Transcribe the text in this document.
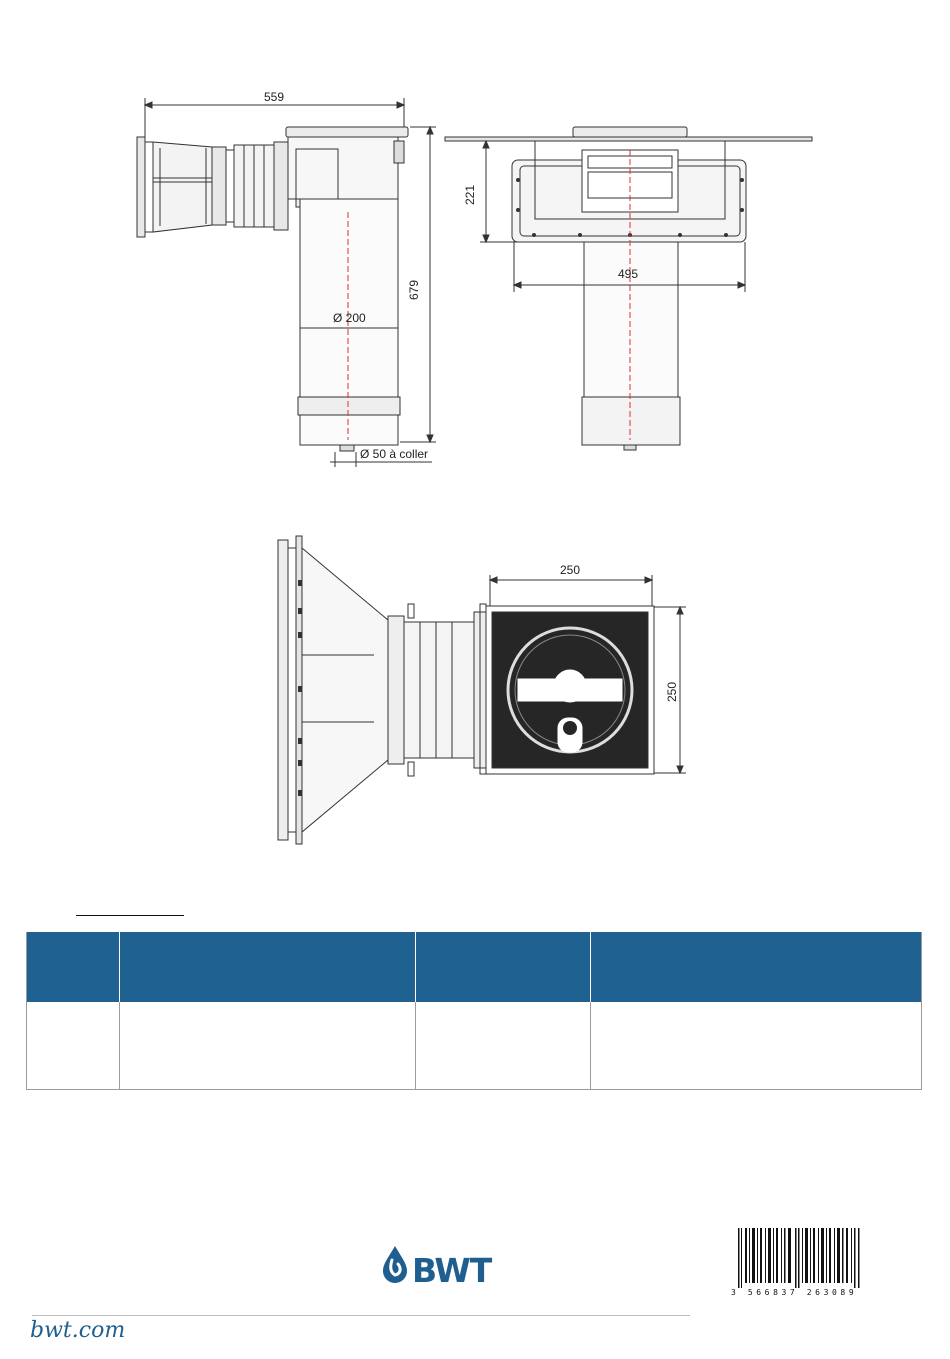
559
679
Ø 200
Ø 50 à coller
221
495
250
250
BWT
3 566837 263089
bwt.com
